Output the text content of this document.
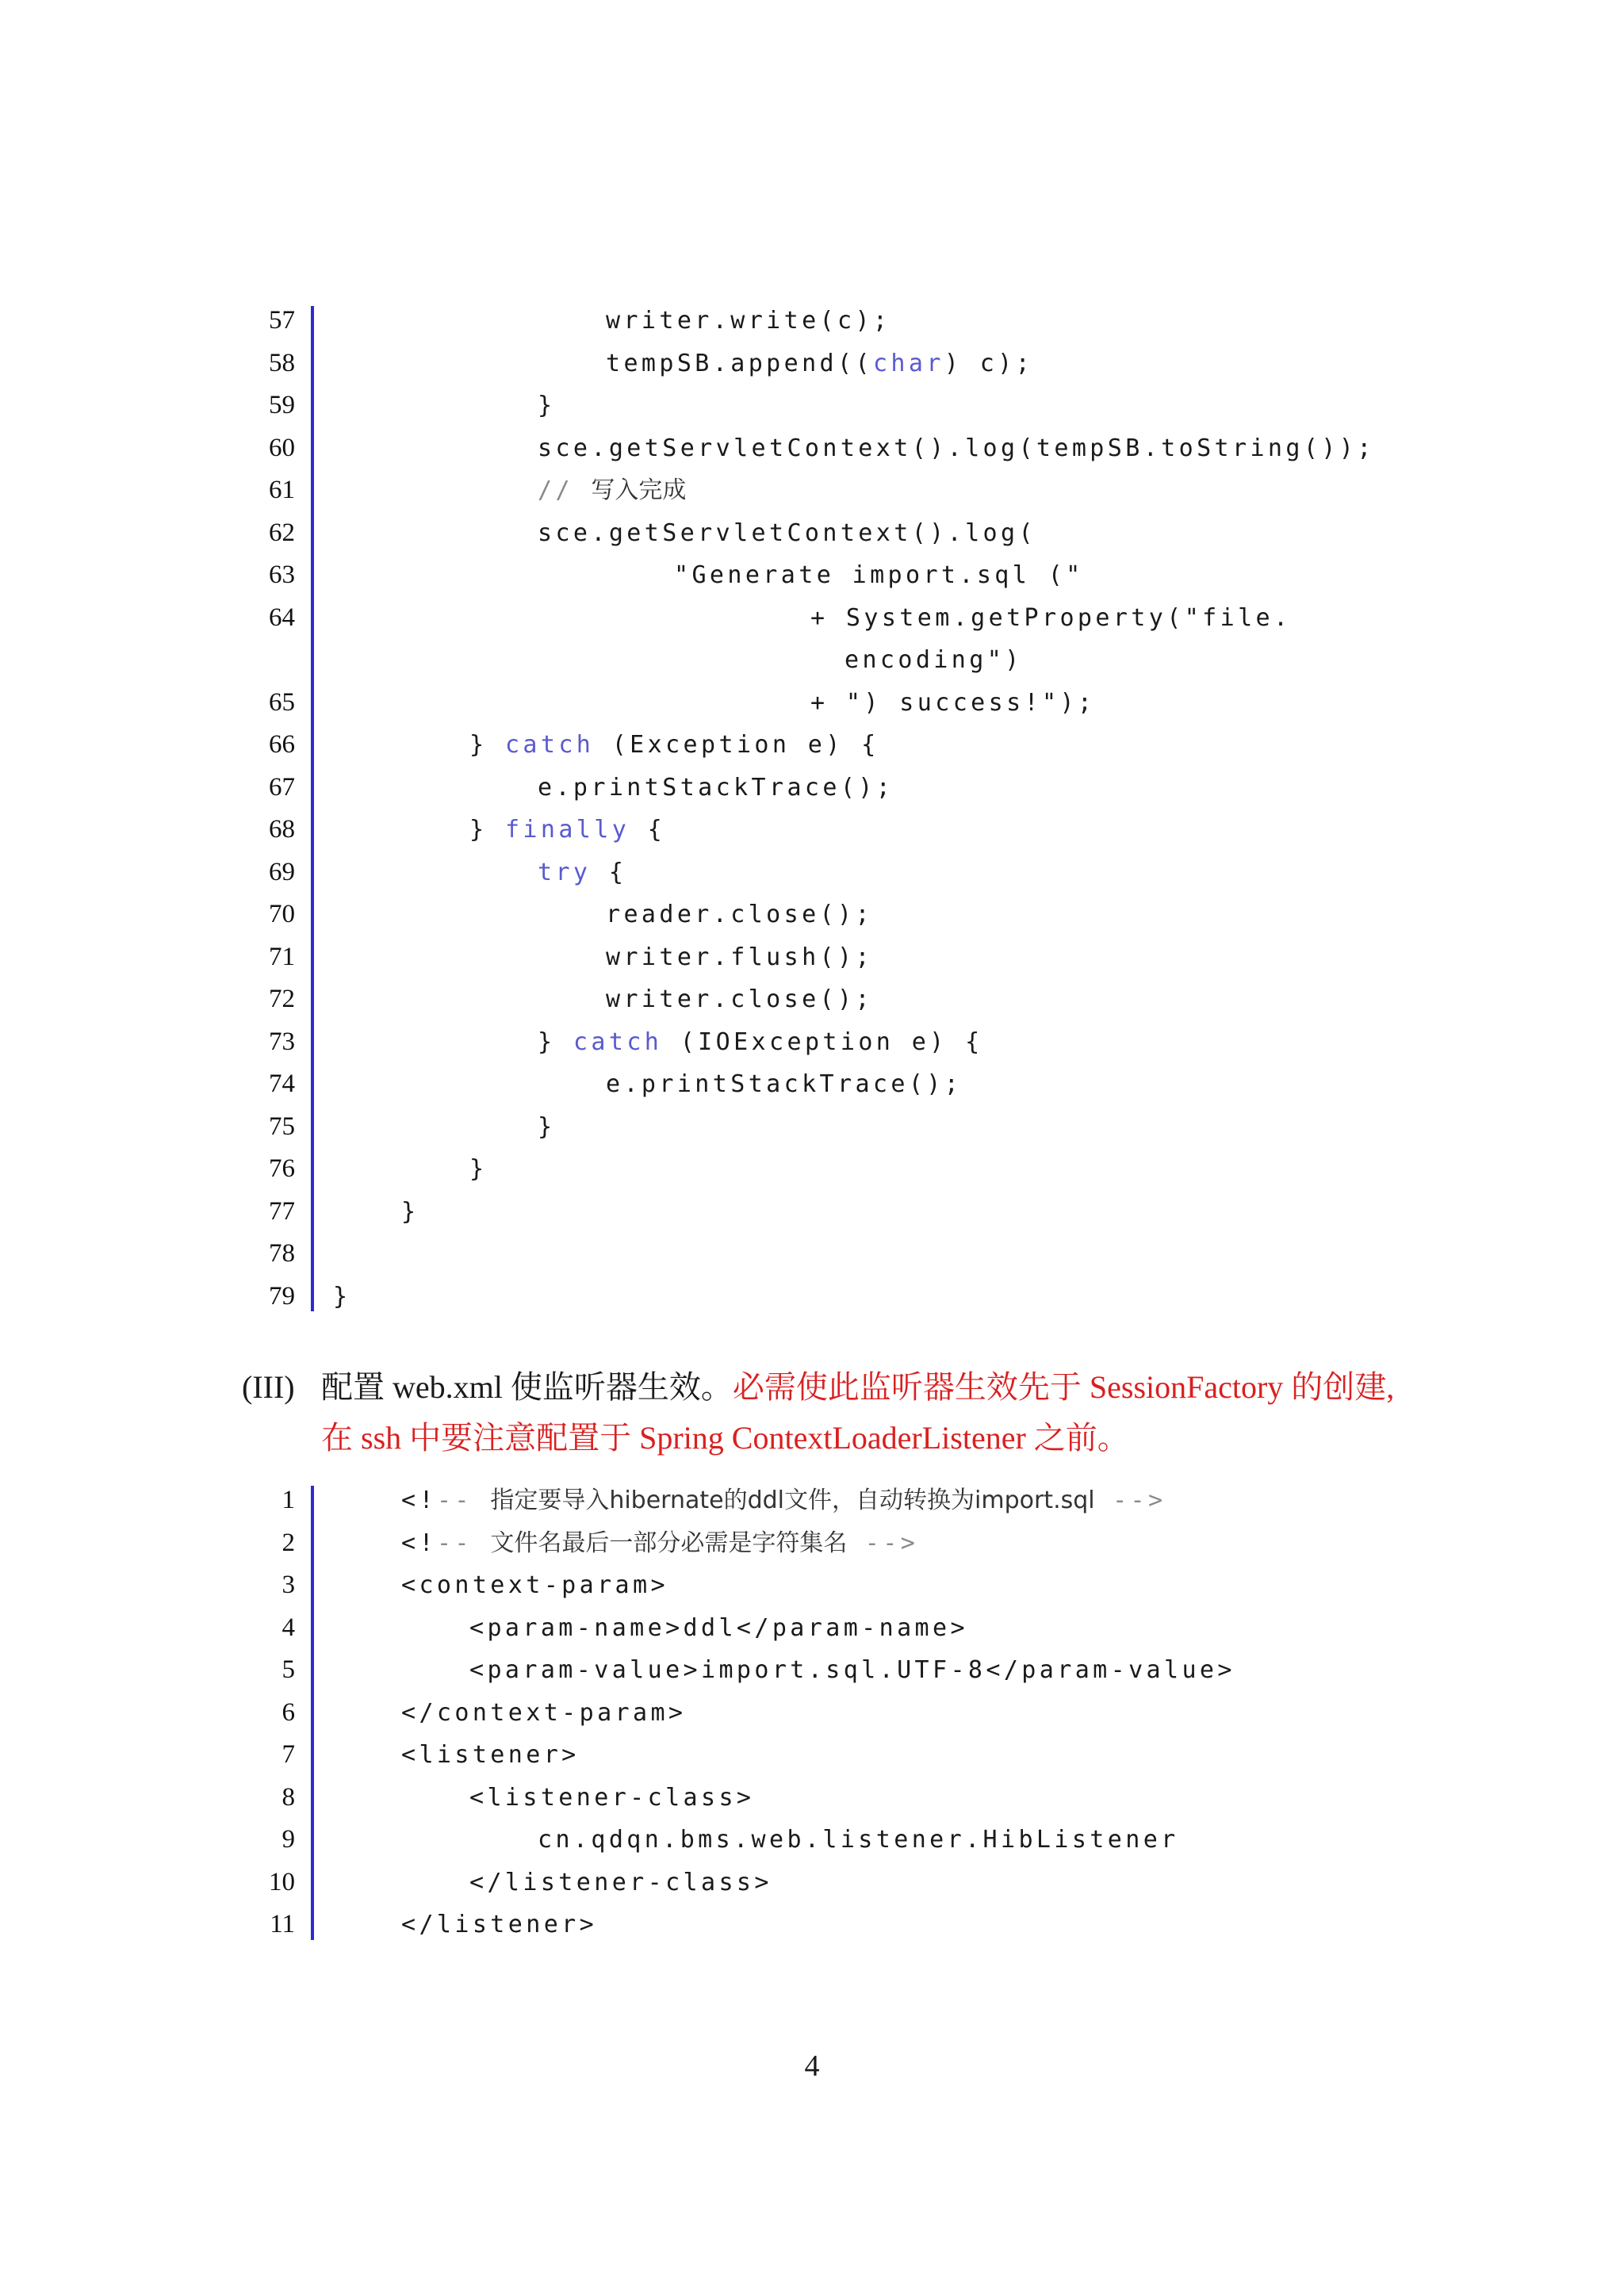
57	writer.write(c);
58	tempSB.append((char) c);
59	}
60	sce.getServletContext().log(tempSB.toString());
61	// 写入完成
62	sce.getServletContext().log(
63	"Generate import.sql ("
64	+ System.getProperty("file.
encoding")
65	+ ") success!");
66	} catch (Exception e) {
67	e.printStackTrace();
68	} finally {
69	try {
70	reader.close();
71	writer.flush();
72	writer.close();
73	} catch (IOException e) {
74	e.printStackTrace();
75	}
76	}
77	}
78
79 }
(III) 配置 web.xml 使监听器生效。必需使此监听器生效先于 SessionFactory 的创建,在 ssh 中要注意配置于 Spring ContextLoaderListener 之前。
1	<!-- 指定要导入hibernate的ddl文件，自动转换为import.sql -->
2	<!-- 文件名最后一部分必需是字符集名 -->
3	<context-param>
4	<param-name>ddl</param-name>
5	<param-value>import.sql.UTF-8</param-value>
6	</context-param>
7	<listener>
8	<listener-class>
9	cn.qdqn.bms.web.listener.HibListener
10	</listener-class>
11	</listener>
4
